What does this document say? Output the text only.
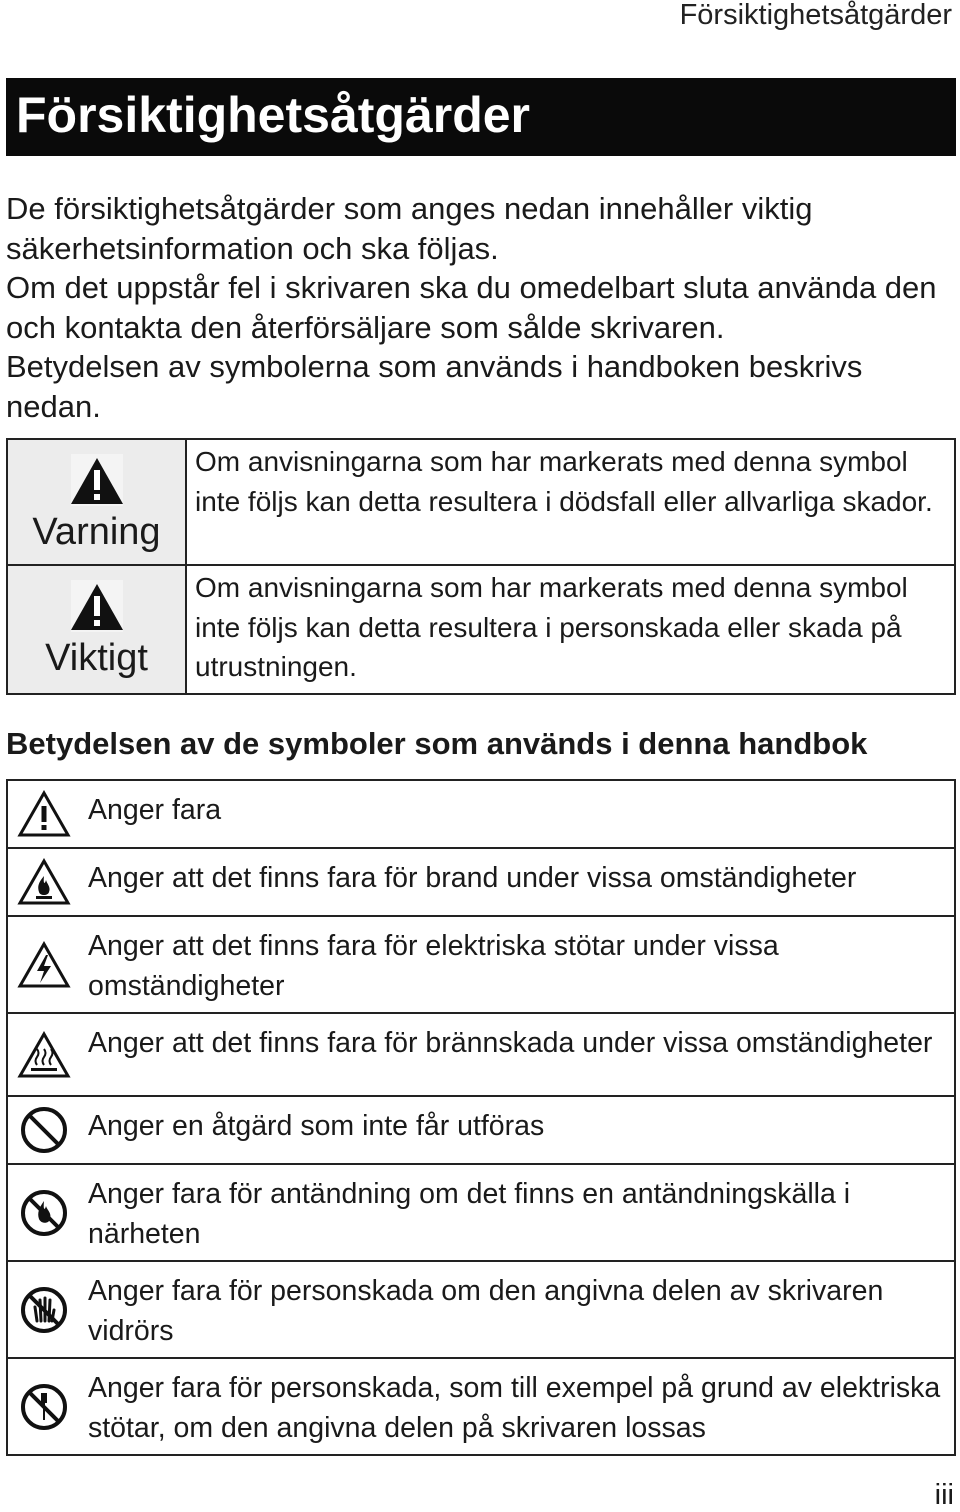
Försiktighetsåtgärder
Försiktighetsåtgärder

De försiktighetsåtgärder som anges nedan innehåller viktig säkerhetsinformation och ska följas.

Om det uppstår fel i skrivaren ska du omedelbart sluta använda den och kontakta den återförsäljare som sålde skrivaren.

Betydelsen av symbolerna som används i handboken beskrivs nedan.

Varning	Om anvisningarna som har markerats med denna symbol inte följs kan detta resultera i dödsfall eller allvarliga skador.

Viktigt	Om anvisningarna som har markerats med denna symbol inte följs kan detta resultera i personskada eller skada på utrustningen.
Betydelsen av de symboler som används i denna handbok
	Anger fara

	Anger att det finns fara för brand under vissa omständigheter

	Anger att det finns fara för elektriska stötar under vissa omständigheter

	Anger att det finns fara för brännskada under vissa omständigheter

	Anger en åtgärd som inte får utföras

	Anger fara för antändning om det finns en antändningskälla i närheten

	Anger fara för personskada om den angivna delen av skrivaren vidrörs

	Anger fara för personskada, som till exempel på grund av elektriska stötar, om den angivna delen på skrivaren lossas
iii
